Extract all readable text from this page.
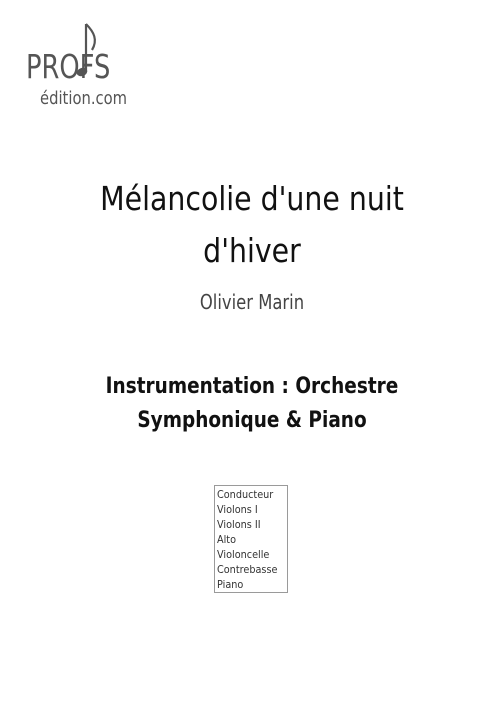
PROFS
édition.com
Mélancolie d'une nuit
d'hiver
Olivier Marin
Instrumentation : Orchestre
Symphonique & Piano
Conducteur
Violons I
Violons II
Alto
Violoncelle
Contrebasse
Piano
